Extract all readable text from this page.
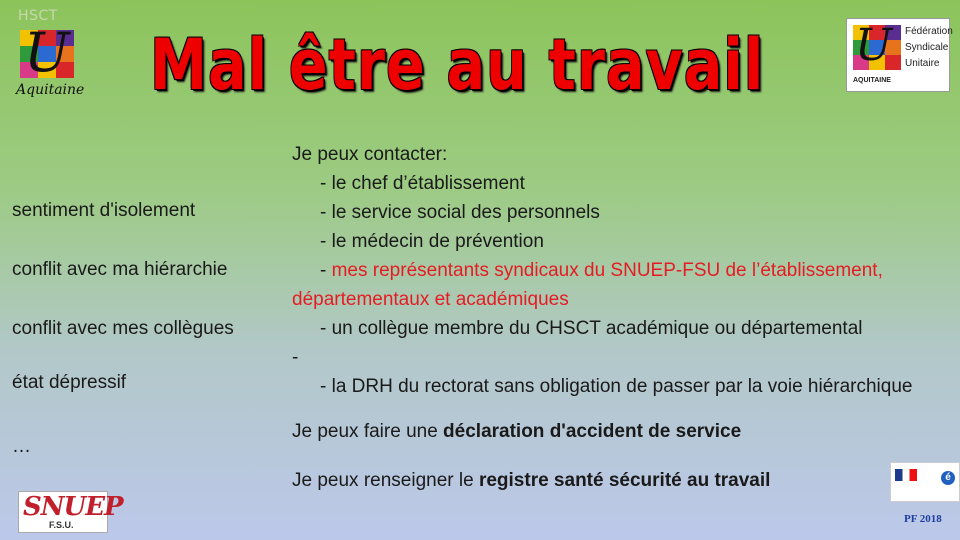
HSCT
U
Aquitaine Mal être au travail U Fédération
Syndicale
Unitaire
AQUITAINE
sentiment d'isolement
conflit avec ma hiérarchie
conflit avec mes collègues
état dépressif
…

Je peux contacter:

- le chef d’établissement

- le service social des personnels

- le médecin de prévention

- mes représentants syndicaux du SNUEP-FSU de l’établissement, départementaux et académiques

- un collègue membre du CHSCT académique ou départemental

-

- la DRH du rectorat sans obligation de passer par la voie hiérarchique

Je peux faire une déclaration d'accident de service

Je peux renseigner le registre santé sécurité au travail

SNUEP
F.S.U.
é
PF 2018
